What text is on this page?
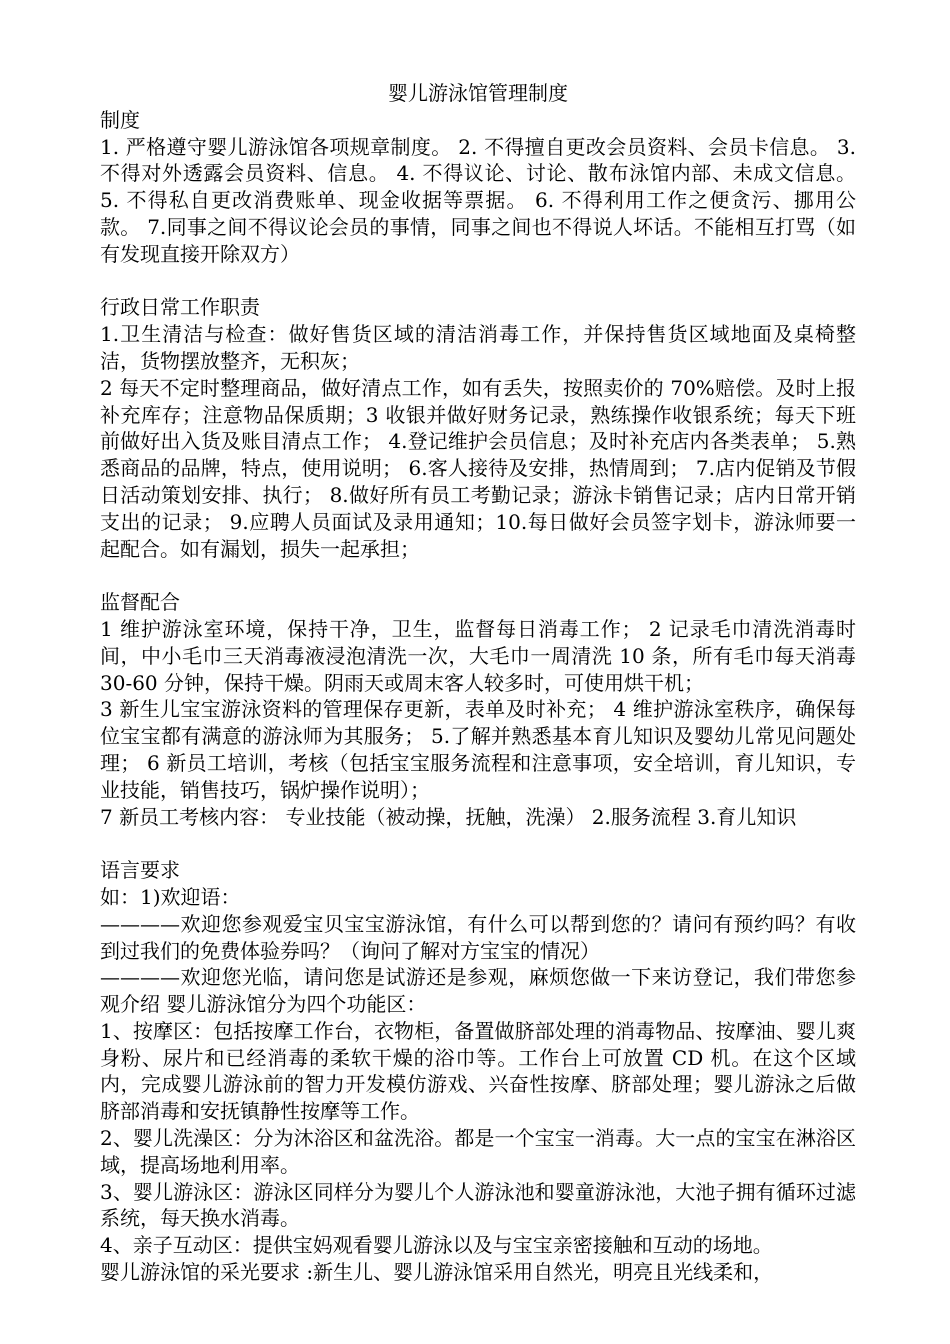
婴儿游泳馆管理制度

制度

1. 严格遵守婴儿游泳馆各项规章制度。 2. 不得擅自更改会员资料、会员卡信息。 3. 不得对外透露会员资料、信息。 4. 不得议论、讨论、散布泳馆内部、未成文信息。 5. 不得私自更改消费账单、现金收据等票据。 6. 不得利用工作之便贪污、挪用公款。 7.同事之间不得议论会员的事情，同事之间也不得说人坏话。不能相互打骂（如有发现直接开除双方）

行政日常工作职责

1.卫生清洁与检查：做好售货区域的清洁消毒工作，并保持售货区域地面及桌椅整洁，货物摆放整齐，无积灰；

2 每天不定时整理商品，做好清点工作，如有丢失，按照卖价的 70%赔偿。及时上报补充库存；注意物品保质期；3 收银并做好财务记录，熟练操作收银系统；每天下班前做好出入货及账目清点工作； 4.登记维护会员信息；及时补充店内各类表单； 5.熟悉商品的品牌，特点，使用说明； 6.客人接待及安排，热情周到； 7.店内促销及节假日活动策划安排、执行； 8.做好所有员工考勤记录；游泳卡销售记录；店内日常开销支出的记录； 9.应聘人员面试及录用通知；10.每日做好会员签字划卡，游泳师要一起配合。如有漏划，损失一起承担；

监督配合

1 维护游泳室环境，保持干净，卫生，监督每日消毒工作； 2 记录毛巾清洗消毒时间，中小毛巾三天消毒液浸泡清洗一次，大毛巾一周清洗 10 条，所有毛巾每天消毒 30-60 分钟，保持干燥。阴雨天或周末客人较多时，可使用烘干机；

3 新生儿宝宝游泳资料的管理保存更新，表单及时补充； 4 维护游泳室秩序，确保每位宝宝都有满意的游泳师为其服务； 5.了解并熟悉基本育儿知识及婴幼儿常见问题处理； 6 新员工培训，考核（包括宝宝服务流程和注意事项，安全培训，育儿知识，专业技能，销售技巧，锅炉操作说明）；

7 新员工考核内容： 专业技能（被动操，抚触，洗澡） 2.服务流程 3.育儿知识

语言要求

如：1)欢迎语：

————欢迎您参观爱宝贝宝宝游泳馆，有什么可以帮到您的？请问有预约吗？有收到过我们的免费体验券吗？（询问了解对方宝宝的情况）

————欢迎您光临，请问您是试游还是参观，麻烦您做一下来访登记，我们带您参观介绍 婴儿游泳馆分为四个功能区：

1、按摩区：包括按摩工作台，衣物柜，备置做脐部处理的消毒物品、按摩油、婴儿爽身粉、尿片和已经消毒的柔软干燥的浴巾等。工作台上可放置 CD 机。在这个区域内，完成婴儿游泳前的智力开发模仿游戏、兴奋性按摩、脐部处理；婴儿游泳之后做脐部消毒和安抚镇静性按摩等工作。

2、婴儿洗澡区：分为沐浴区和盆洗浴。都是一个宝宝一消毒。大一点的宝宝在淋浴区域，提高场地利用率。

3、婴儿游泳区：游泳区同样分为婴儿个人游泳池和婴童游泳池，大池子拥有循环过滤系统，每天换水消毒。

4、亲子互动区：提供宝妈观看婴儿游泳以及与宝宝亲密接触和互动的场地。

婴儿游泳馆的采光要求 :新生儿、婴儿游泳馆采用自然光，明亮且光线柔和，
